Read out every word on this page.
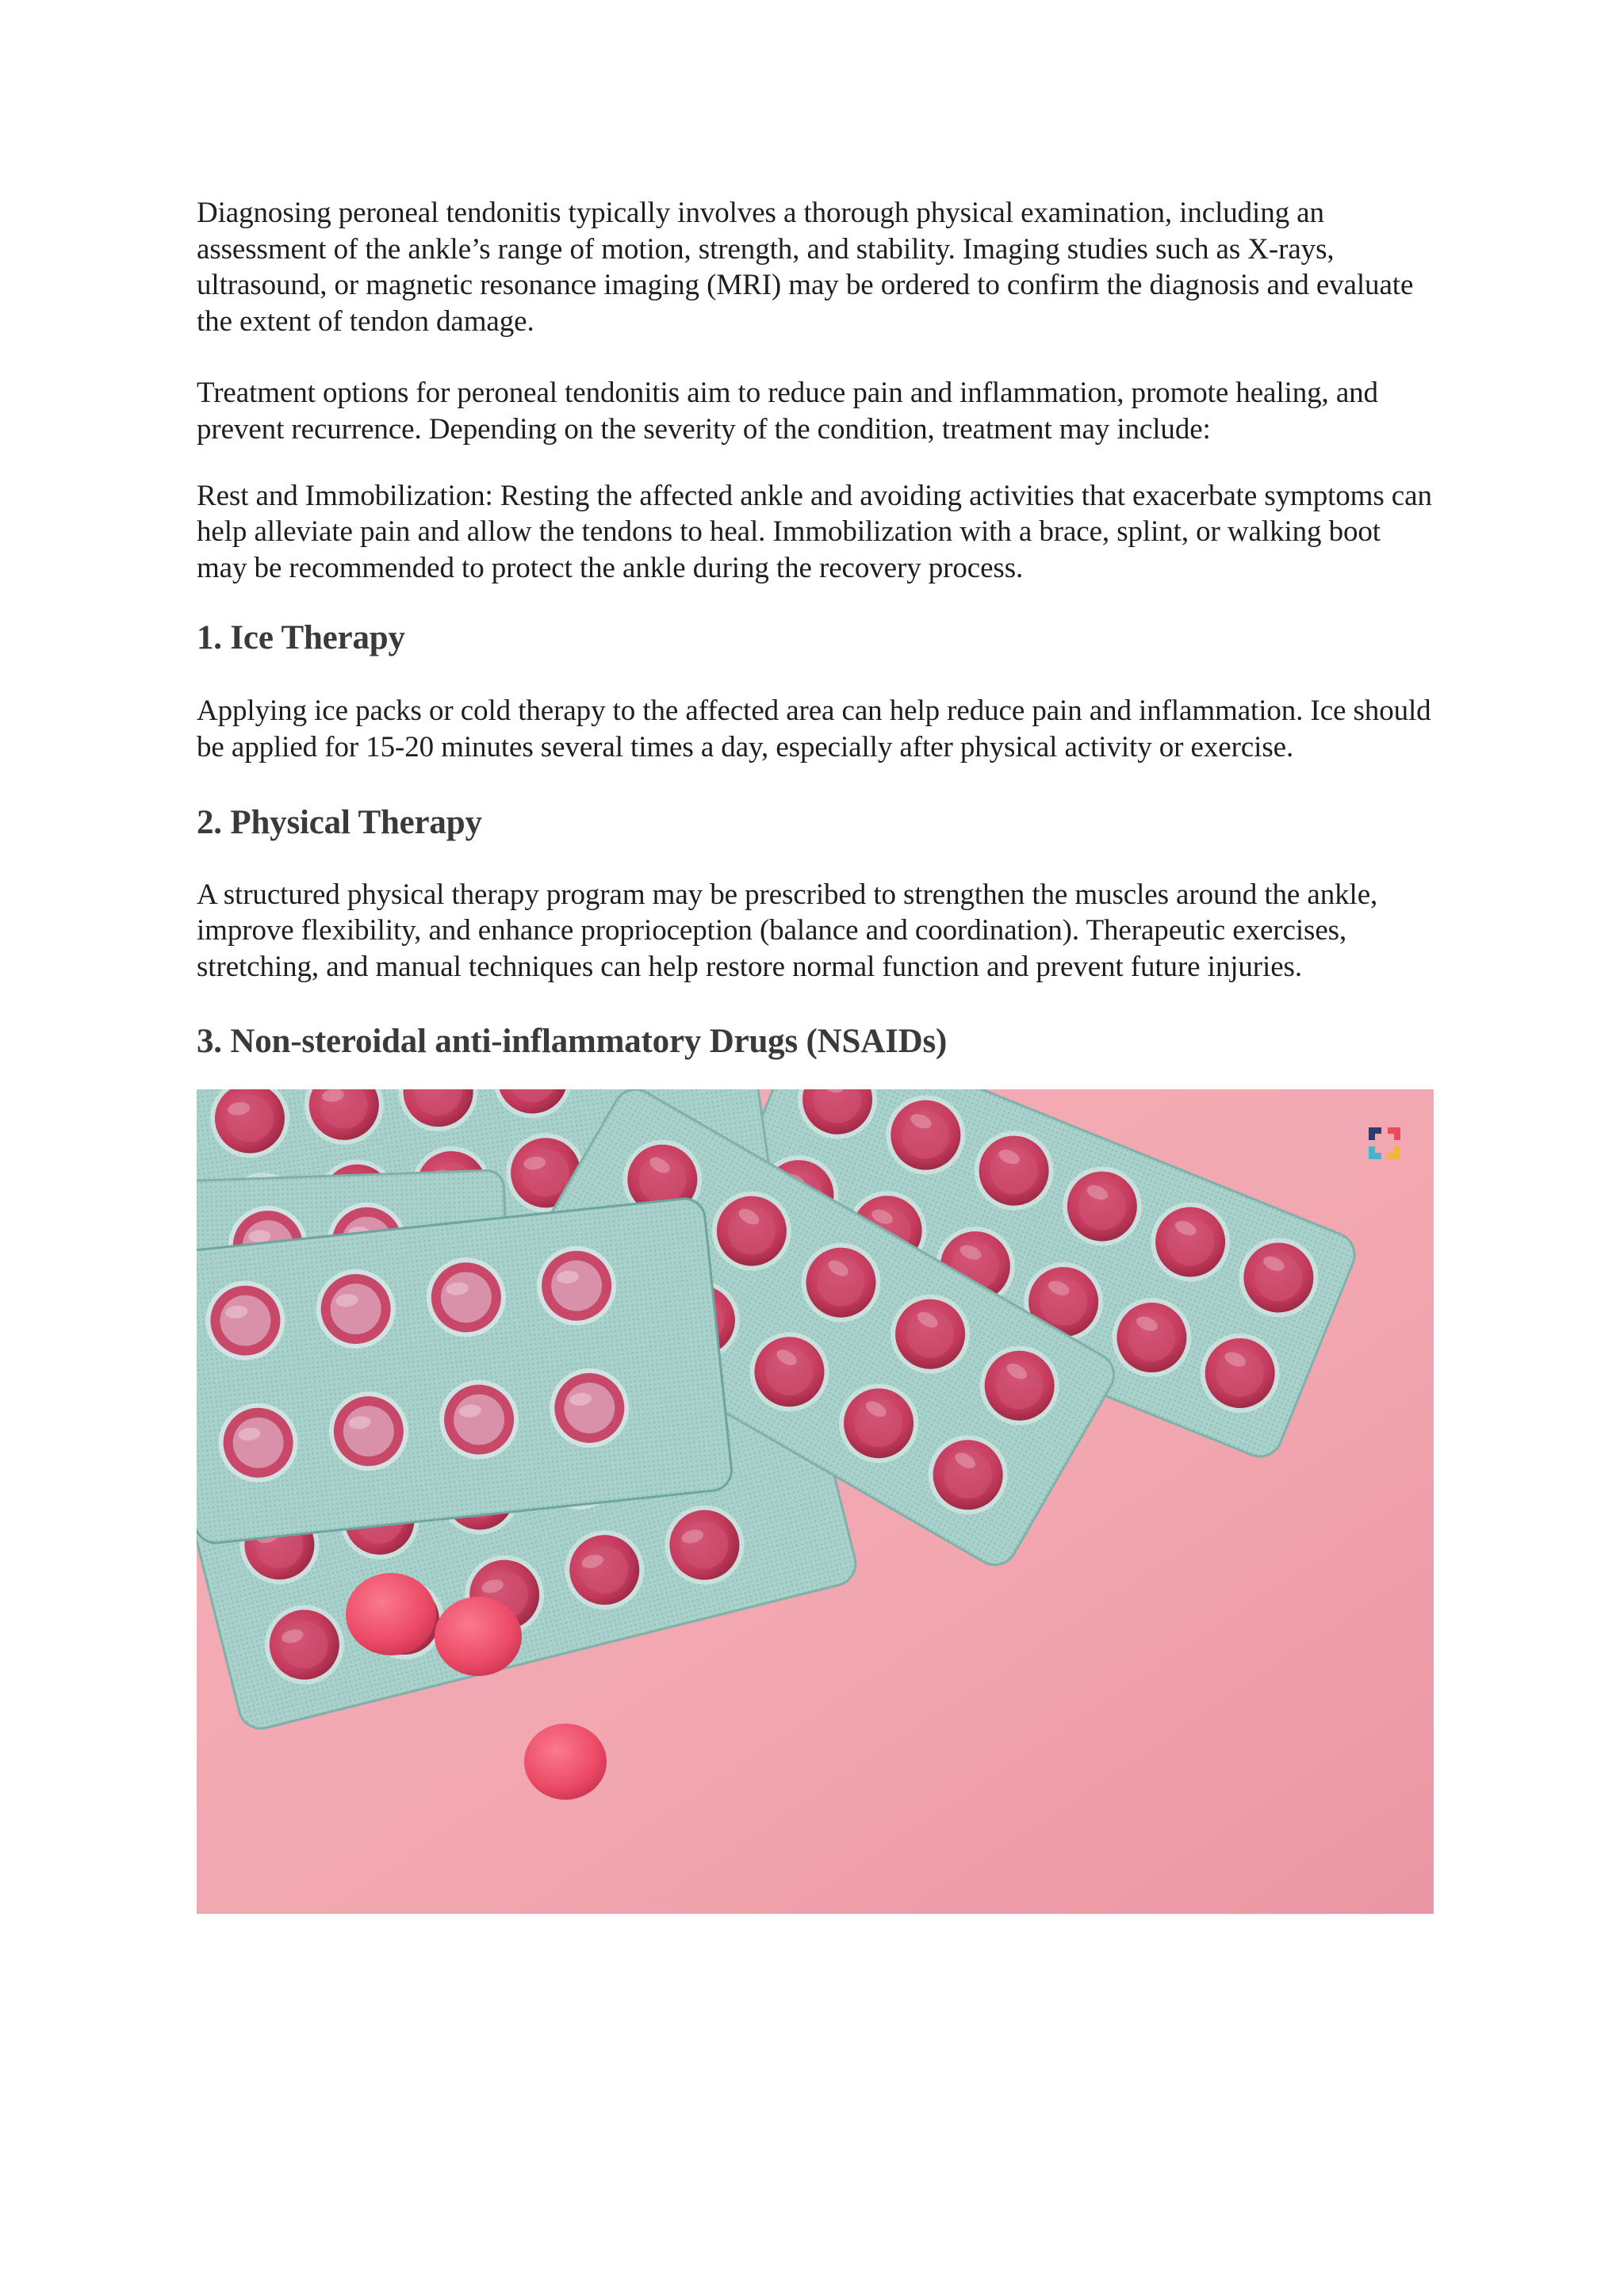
Diagnosing peroneal tendonitis typically involves a thorough physical examination, including an assessment of the ankle’s range of motion, strength, and stability. Imaging studies such as X-rays, ultrasound, or magnetic resonance imaging (MRI) may be ordered to confirm the diagnosis and evaluate the extent of tendon damage.

Treatment options for peroneal tendonitis aim to reduce pain and inflammation, promote healing, and prevent recurrence. Depending on the severity of the condition, treatment may include:

Rest and Immobilization: Resting the affected ankle and avoiding activities that exacerbate symptoms can help alleviate pain and allow the tendons to heal. Immobilization with a brace, splint, or walking boot may be recommended to protect the ankle during the recovery process.

1. Ice Therapy

Applying ice packs or cold therapy to the affected area can help reduce pain and inflammation. Ice should be applied for 15-20 minutes several times a day, especially after physical activity or exercise.

2. Physical Therapy

A structured physical therapy program may be prescribed to strengthen the muscles around the ankle, improve flexibility, and enhance proprioception (balance and coordination). Therapeutic exercises, stretching, and manual techniques can help restore normal function and prevent future injuries.

3. Non-steroidal anti-inflammatory Drugs (NSAIDs)
